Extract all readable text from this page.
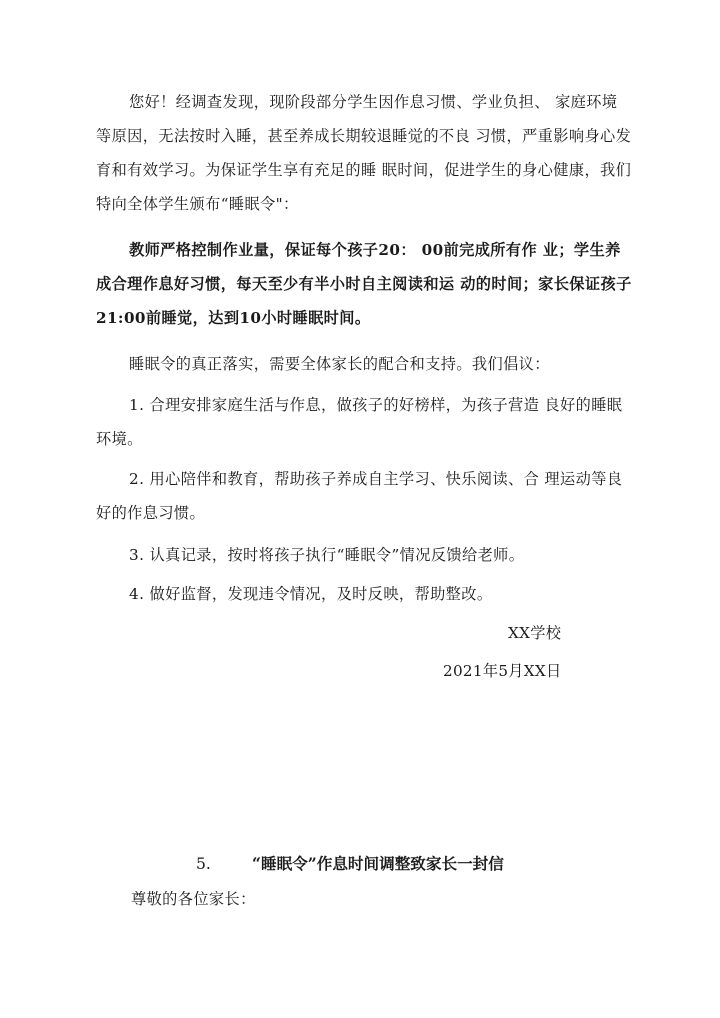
您好！经调查发现，现阶段部分学生因作息习惯、学业负担、 家庭环境等原因，无法按时入睡，甚至养成长期较退睡觉的不良 习惯，严重影响身心发育和有效学习。为保证学生享有充足的睡 眠时间，促进学生的身心健康，我们特向全体学生颁布“睡眠令"：

教师严格控制作业量，保证每个孩子20： 00前完成所有作 业；学生养成合理作息好习惯，每天至少有半小时自主阅读和运 动的时间；家长保证孩子21:00前睡觉，达到10小时睡眠时间。

睡眠令的真正落实，需要全体家长的配合和支持。我们倡议：

1. 合理安排家庭生活与作息，做孩子的好榜样，为孩子营造 良好的睡眠环境。

2. 用心陪伴和教育，帮助孩子养成自主学习、快乐阅读、合 理运动等良好的作息习惯。

3. 认真记录，按时将孩子执行“睡眠令”情况反馈给老师。

4. 做好监督，发现违令情况，及时反映，帮助整改。

XX学校

2021年5月XX日

5.	“睡眠令”作息时间调整致家长一封信

尊敬的各位家长：
